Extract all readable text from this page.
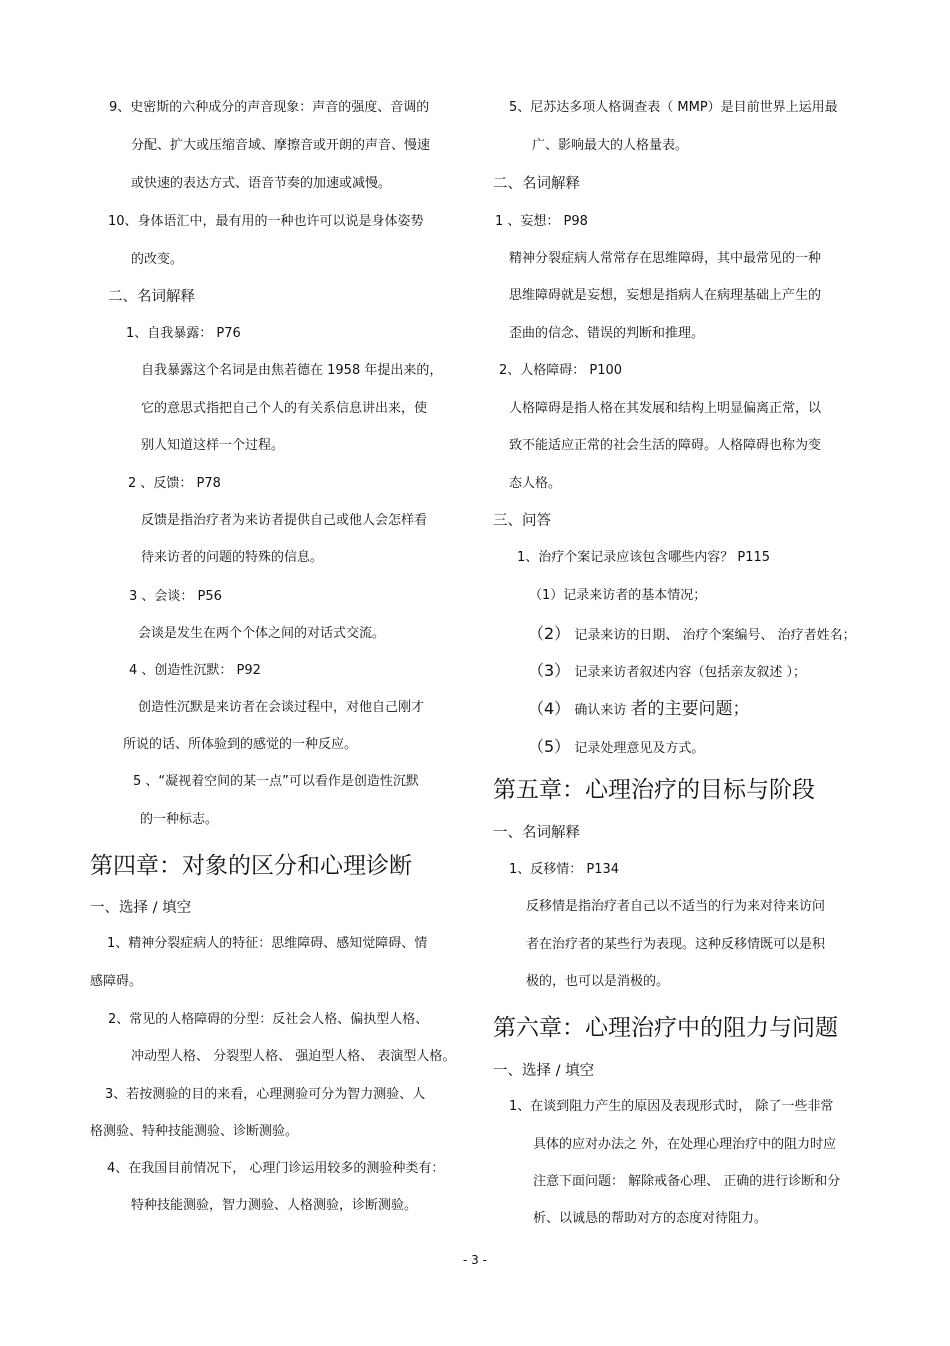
9、史密斯的六种成分的声音现象：声音的强度、音调的
分配、扩大或压缩音域、摩擦音或开朗的声音、慢速
或快速的表达方式、语音节奏的加速或减慢。
10、身体语汇中，最有用的一种也许可以说是身体姿势
的改变。
二、名词解释
1、自我暴露： P76
自我暴露这个名词是由焦若德在 1958 年提出来的，
它的意思式指把自己个人的有关系信息讲出来，使
别人知道这样一个过程。
2 、反馈： P78
反馈是指治疗者为来访者提供自己或他人会怎样看
待来访者的问题的特殊的信息。
3 、会谈： P56
会谈是发生在两个个体之间的对话式交流。
4 、创造性沉默： P92
创造性沉默是来访者在会谈过程中，对他自己刚才
所说的话、所体验到的感觉的一种反应。
5 、“凝视着空间的某一点”可以看作是创造性沉默
的一种标志。
第四章：对象的区分和心理诊断
一、选择 / 填空
1、精神分裂症病人的特征：思维障碍、感知觉障碍、情
感障碍。
2、常见的人格障碍的分型：反社会人格、偏执型人格、
冲动型人格、 分裂型人格、 强迫型人格、 表演型人格。
3、若按测验的目的来看，心理测验可分为智力测验、人
格测验、特种技能测验、诊断测验。
4、在我国目前情况下， 心理门诊运用较多的测验种类有：
特种技能测验，智力测验、人格测验，诊断测验。
5、尼苏达多项人格调查表（ MMP）是目前世界上运用最
广、影响最大的人格量表。
二、名词解释
1 、妄想： P98
精神分裂症病人常常存在思维障碍，其中最常见的一种
思维障碍就是妄想，妄想是指病人在病理基础上产生的
歪曲的信念、错误的判断和推理。
2、人格障碍： P100
人格障碍是指人格在其发展和结构上明显偏离正常，以
致不能适应正常的社会生活的障碍。人格障碍也称为变
态人格。
三、问答
1、治疗个案记录应该包含哪些内容？ P115
（1）记录来访者的基本情况；
（2） 记录来访的日期、 治疗个案编号、 治疗者姓名；
（3） 记录来访者叙述内容（包括亲友叙述 ）；
（4） 确认来访 者的主要问题；
（5） 记录处理意见及方式。
第五章：心理治疗的目标与阶段
一、名词解释
1、反移情： P134
反移情是指治疗者自己以不适当的行为来对待来访问
者在治疗者的某些行为表现。这种反移情既可以是积
极的，也可以是消极的。
第六章：心理治疗中的阻力与问题
一、选择 / 填空
1、在谈到阻力产生的原因及表现形式时， 除了一些非常
具体的应对办法之 外，在处理心理治疗中的阻力时应
注意下面问题： 解除戒备心理、 正确的进行诊断和分
析、以诚恳的帮助对方的态度对待阻力。
- 3 -
